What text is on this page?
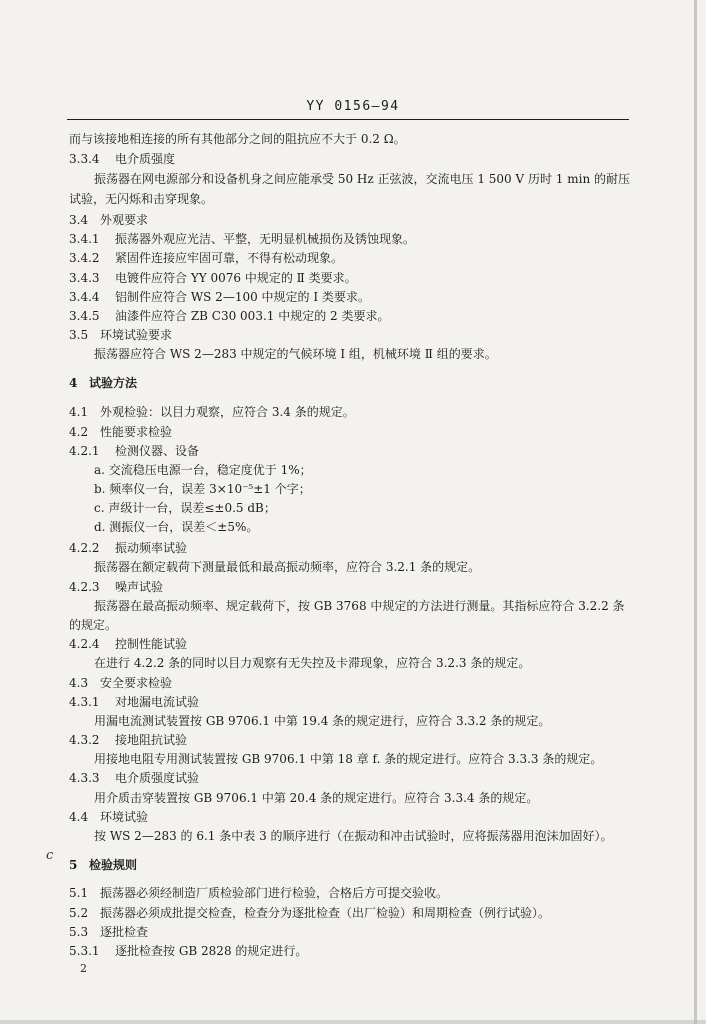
YY 0156—94
而与该接地相连接的所有其他部分之间的阻抗应不大于 0.2 Ω。
3.3.4 电介质强度
振荡器在网电源部分和设备机身之间应能承受 50 Hz 正弦波，交流电压 1 500 V 历时 1 min 的耐压
试验，无闪烁和击穿现象。
3.4 外观要求
3.4.1 振荡器外观应光洁、平整，无明显机械损伤及锈蚀现象。
3.4.2 紧固件连接应牢固可靠，不得有松动现象。
3.4.3 电镀件应符合 YY 0076 中规定的 Ⅱ 类要求。
3.4.4 铝制件应符合 WS 2—100 中规定的 Ⅰ 类要求。
3.4.5 油漆件应符合 ZB C30 003.1 中规定的 2 类要求。
3.5 环境试验要求
振荡器应符合 WS 2—283 中规定的气候环境 Ⅰ 组，机械环境 Ⅱ 组的要求。
4 试验方法
4.1 外观检验：以目力观察，应符合 3.4 条的规定。
4.2 性能要求检验
4.2.1 检测仪器、设备
a. 交流稳压电源一台，稳定度优于 1%；
b. 频率仪一台，误差 3×10⁻⁵±1 个字；
c. 声级计一台，误差≤±0.5 dB；
d. 测振仪一台，误差＜±5%。
4.2.2 振动频率试验
振荡器在额定载荷下测量最低和最高振动频率，应符合 3.2.1 条的规定。
4.2.3 噪声试验
振荡器在最高振动频率、规定载荷下，按 GB 3768 中规定的方法进行测量。其指标应符合 3.2.2 条
的规定。
4.2.4 控制性能试验
在进行 4.2.2 条的同时以目力观察有无失控及卡滞现象，应符合 3.2.3 条的规定。
4.3 安全要求检验
4.3.1 对地漏电流试验
用漏电流测试装置按 GB 9706.1 中第 19.4 条的规定进行，应符合 3.3.2 条的规定。
4.3.2 接地阻抗试验
用接地电阻专用测试装置按 GB 9706.1 中第 18 章 f. 条的规定进行。应符合 3.3.3 条的规定。
4.3.3 电介质强度试验
用介质击穿装置按 GB 9706.1 中第 20.4 条的规定进行。应符合 3.3.4 条的规定。
4.4 环境试验
按 WS 2—283 的 6.1 条中表 3 的顺序进行（在振动和冲击试验时，应将振荡器用泡沫加固好）。
c
5 检验规则
5.1 振荡器必须经制造厂质检验部门进行检验，合格后方可提交验收。
5.2 振荡器必须成批提交检查，检查分为逐批检查（出厂检验）和周期检查（例行试验）。
5.3 逐批检查
5.3.1 逐批检查按 GB 2828 的规定进行。
2
